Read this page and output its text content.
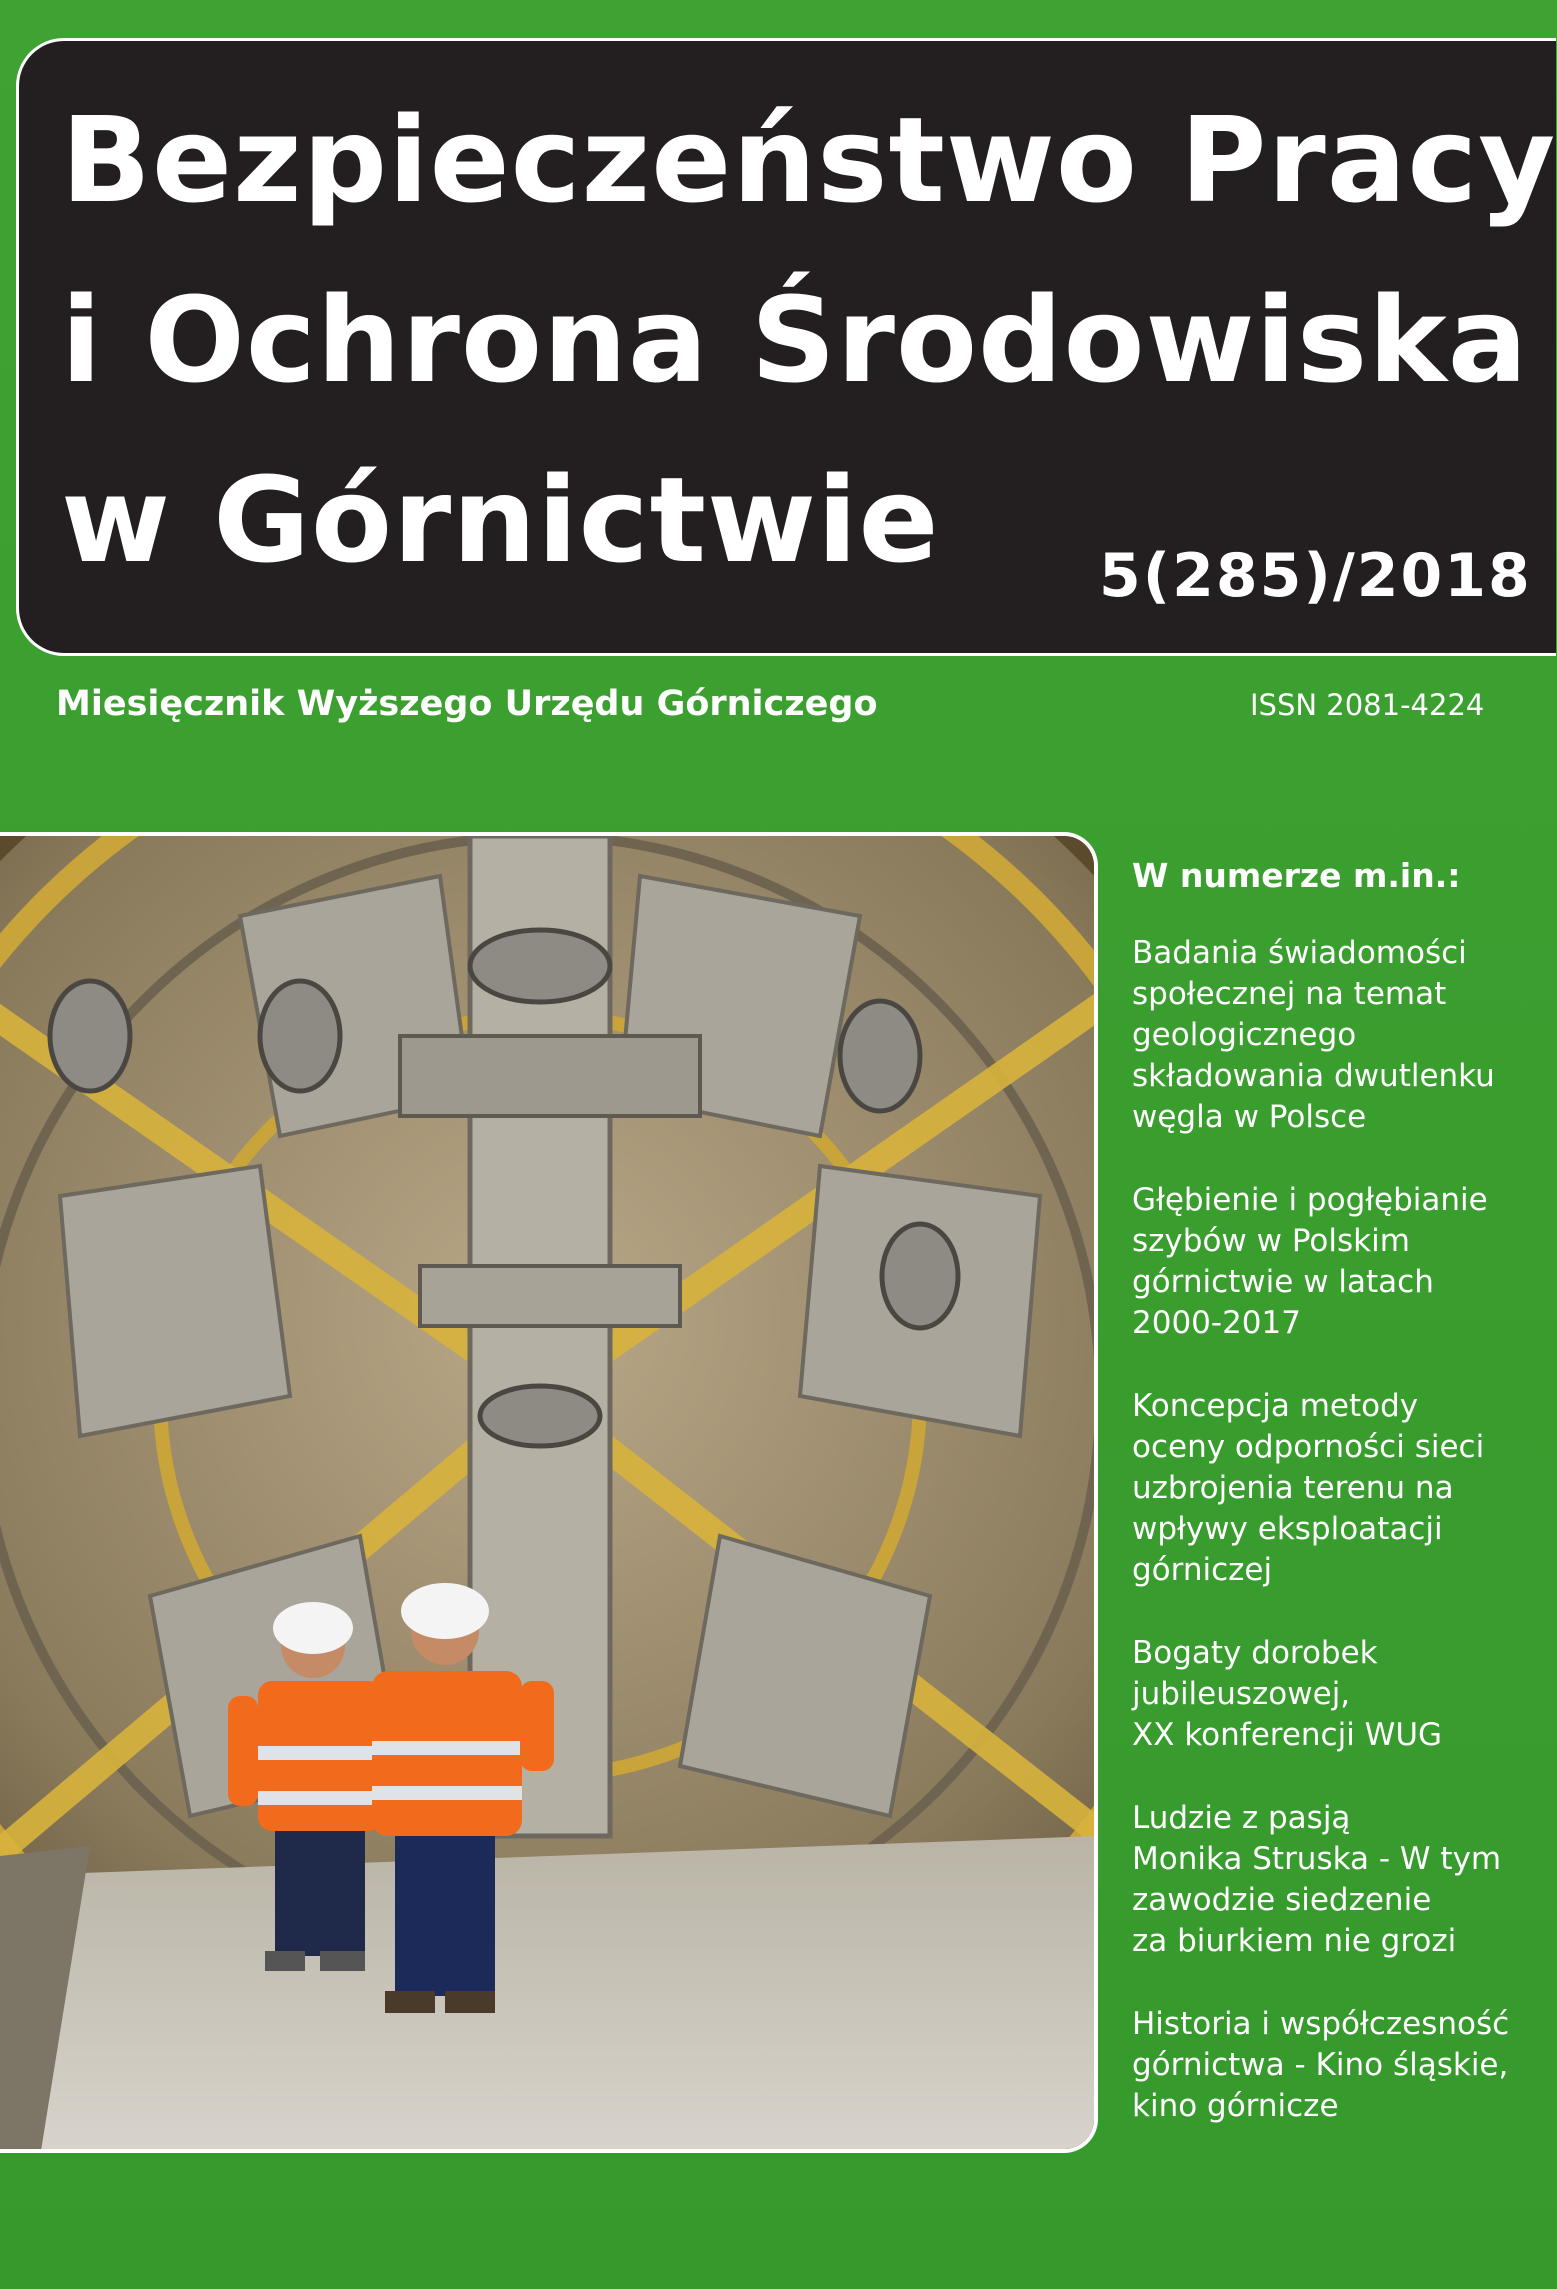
Bezpieczeństwo Pracy
i Ochrona Środowiska
w Górnictwie	5(285)/2018
Miesięcznik Wyższego Urzędu Górniczego	ISSN 2081-4224
W numerze m.in.:
Badania świadomości
społecznej na temat
geologicznego
składowania dwutlenku
węgla w Polsce
Głębienie i pogłębianie
szybów w Polskim
górnictwie w latach
2000-2017
Koncepcja metody
oceny odporności sieci
uzbrojenia terenu na
wpływy eksploatacji
górniczej
Bogaty dorobek
jubileuszowej,
XX konferencji WUG
Ludzie z pasją
Monika Struska - W tym
zawodzie siedzenie
za biurkiem nie grozi
Historia i współczesność
górnictwa - Kino śląskie,
kino górnicze
